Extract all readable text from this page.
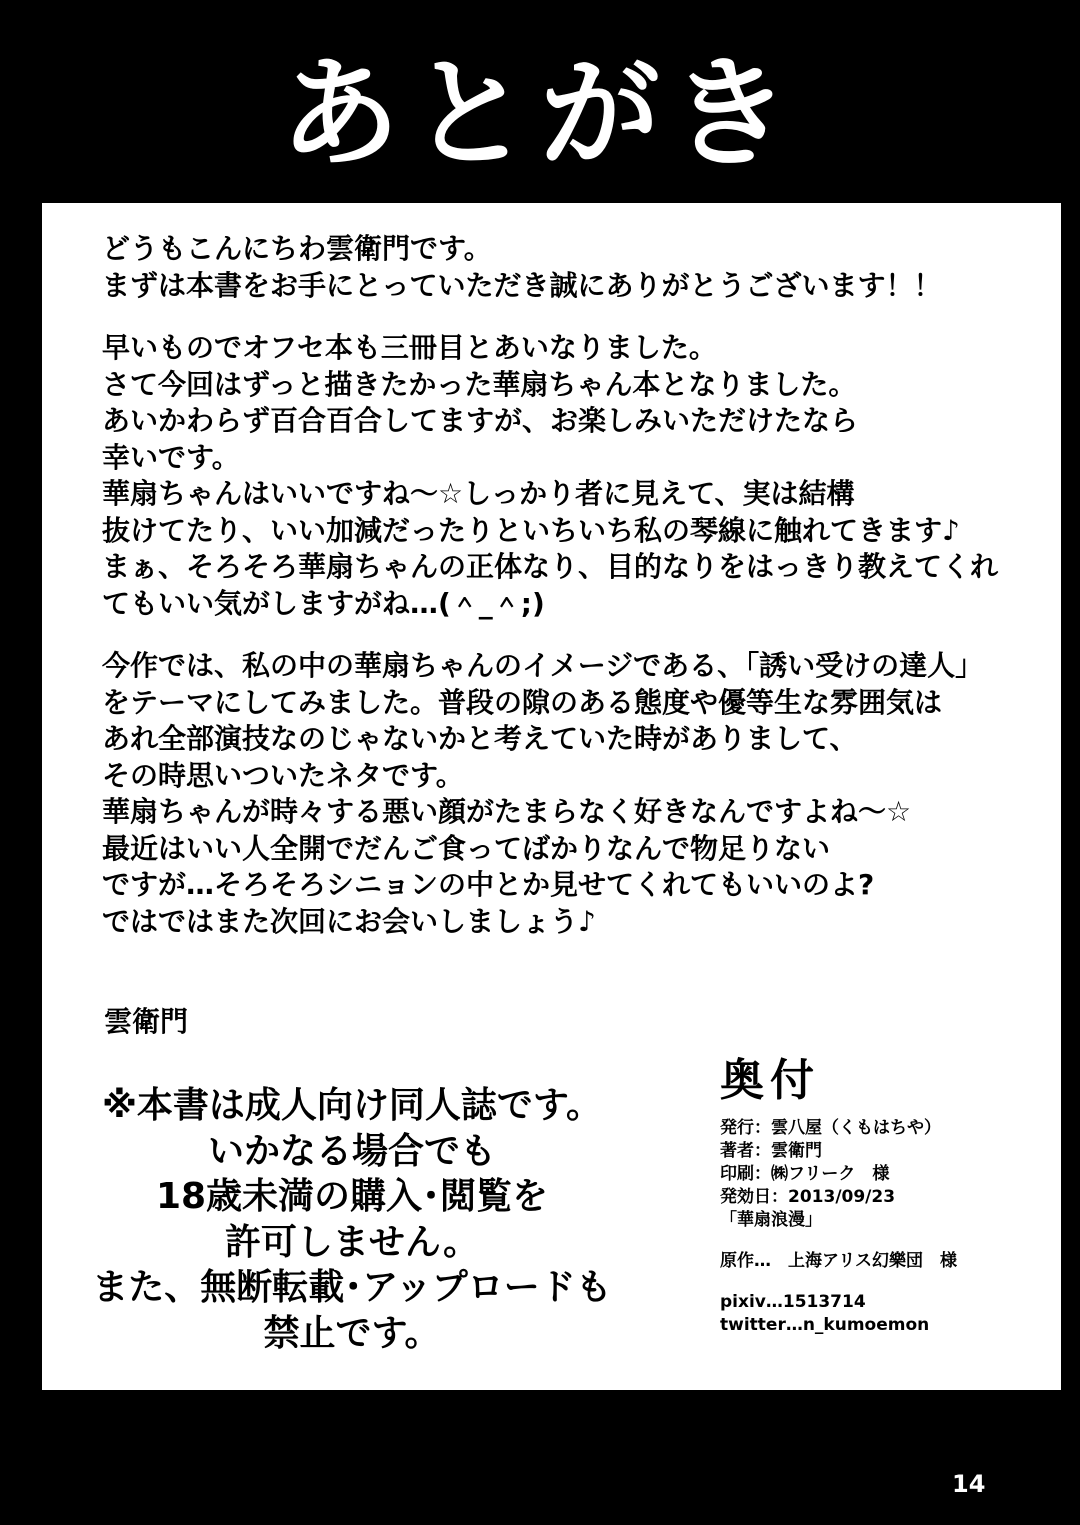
あとがき

どうもこんにちわ雲衛門です。

まずは本書をお手にとっていただき誠にありがとうございます！！

早いものでオフセ本も三冊目とあいなりました。

さて今回はずっと描きたかった華扇ちゃん本となりました。

あいかわらず百合百合してますが、お楽しみいただけたなら

幸いです。

華扇ちゃんはいいですね～☆しっかり者に見えて、実は結構

抜けてたり、いい加減だったりといちいち私の琴線に触れてきます♪

まぁ、そろそろ華扇ちゃんの正体なり、目的なりをはっきり教えてくれ

てもいい気がしますがね…(＾_＾;)

今作では、私の中の華扇ちゃんのイメージである、「誘い受けの達人」

をテーマにしてみました。普段の隙のある態度や優等生な雰囲気は

あれ全部演技なのじゃないかと考えていた時がありまして、

その時思いついたネタです。

華扇ちゃんが時々する悪い顔がたまらなく好きなんですよね～☆

最近はいい人全開でだんご食ってばかりなんで物足りない

ですが…そろそろシニョンの中とか見せてくれてもいいのよ?

ではではまた次回にお会いしましょう♪

雲衛門

※本書は成人向け同人誌です。

いかなる場合でも

18歳未満の購入･閲覧を

許可しません。

また、無断転載･アップロードも

禁止です。

奥付

発行：雲八屋（くもはちや）

著者：雲衛門

印刷：㈱フリーク　様

発効日：2013/09/23

「華扇浪漫」

原作…　上海アリス幻樂団　様

pixiv…1513714

twitter…n_kumoemon

14
